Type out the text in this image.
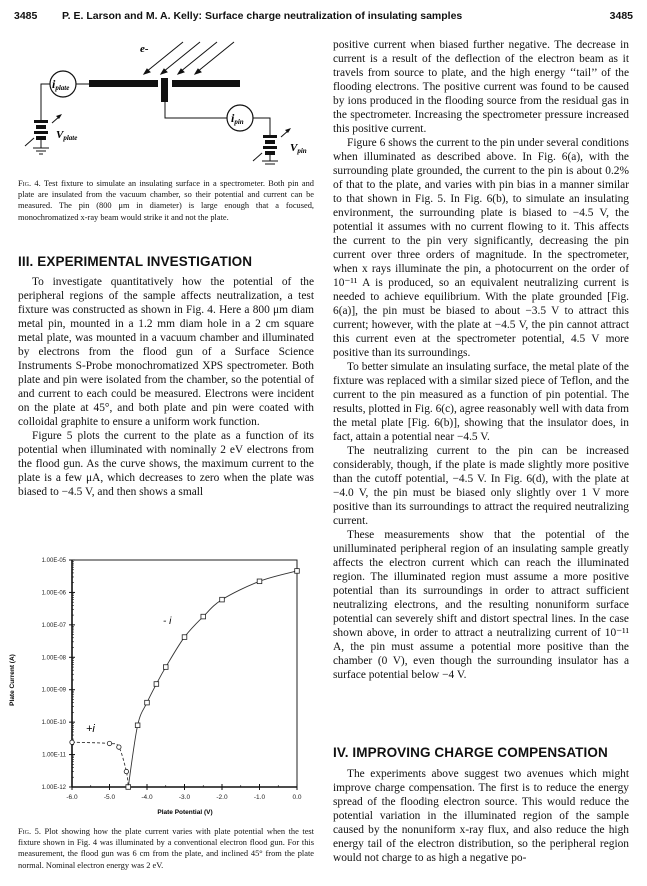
3485 P. E. Larson and M. A. Kelly: Surface charge neutralization of insulating samples	3485
e-
iplate
Vplate
ipin
Vpin

Fig. 4. Test fixture to simulate an insulating surface in a spectrometer. Both pin and plate are insulated from the vacuum chamber, so their potential and current can be measured. The pin (800 μm in diameter) is large enough that a focused, monochromatized x-ray beam would strike it and not the plate.

III. EXPERIMENTAL INVESTIGATION

To investigate quantitatively how the potential of the peripheral regions of the sample affects neutralization, a test fixture was constructed as shown in Fig. 4. Here a 800 μm diam metal pin, mounted in a 1.2 mm diam hole in a 2 cm square metal plate, was mounted in a vacuum chamber and illuminated by electrons from the flood gun of a Surface Science Instruments S-Probe monochromatized XPS spectrometer. Both plate and pin were isolated from the chamber, so the potential of and current to each could be measured. Electrons were incident on the plate at 45°, and both plate and pin were coated with colloidal graphite to ensure a uniform work function.

Figure 5 plots the current to the plate as a function of its potential when illuminated with nominally 2 eV electrons from the flood gun. As the curve shows, the maximum current to the plate is a few μA, which decreases to zero when the plate was biased to −4.5 V, and then shows a small

1.00E-05
1.00E-06
1.00E-07
1.00E-08
1.00E-09
1.00E-10
1.00E-11
1.00E-12
-6.0	-5.0	-4.0	-3.0	-2.0	-1.0	0.0
Plate Potential (V)
Plate Current (A)
- i
+i

Fig. 5. Plot showing how the plate current varies with plate potential when the test fixture shown in Fig. 4 was illuminated by a conventional electron flood gun. For this measurement, the flood gun was 6 cm from the plate, and inclined 45° from the plate normal. Nominal electron energy was 2 eV.

positive current when biased further negative. The decrease in current is a result of the deflection of the electron beam as it travels from source to plate, and the high energy ‘‘tail’’ of the flooding electrons. The positive current was found to be caused by ions produced in the flooding source from the residual gas in the spectrometer. Increasing the spectrometer pressure increased this positive current.

Figure 6 shows the current to the pin under several conditions when illuminated as described above. In Fig. 6(a), with the surrounding plate grounded, the current to the pin is about 0.2% of that to the plate, and varies with pin bias in a manner similar to that shown in Fig. 5. In Fig. 6(b), to simulate an insulating environment, the surrounding plate is biased to −4.5 V, the potential it assumes with no current flowing to it. This affects the current to the pin very significantly, decreasing the pin current over three orders of magnitude. In the spectrometer, when x rays illuminate the pin, a photocurrent on the order of 10⁻¹¹ A is produced, so an equivalent neutralizing current is needed to achieve equilibrium. With the plate grounded [Fig. 6(a)], the pin must be biased to about −3.5 V to attract this current; however, with the plate at −4.5 V, the pin cannot attract this current even at the spectrometer potential, 4.5 V more positive than its surroundings.

To better simulate an insulating surface, the metal plate of the fixture was replaced with a similar sized piece of Teflon, and the current to the pin measured as a function of pin potential. The results, plotted in Fig. 6(c), agree reasonably well with data from the metal plate [Fig. 6(b)], showing that the insulator does, in fact, attain a potential near −4.5 V.

The neutralizing current to the pin can be increased considerably, though, if the plate is made slightly more positive than the cutoff potential, −4.5 V. In Fig. 6(d), with the plate at −4.0 V, the pin must be biased only slightly over 1 V more positive than its surroundings to attract the required neutralizing current.

These measurements show that the potential of the unilluminated peripheral region of an insulating sample greatly affects the electron current which can reach the illuminated region. The illuminated region must assume a more positive potential than its surroundings in order to attract sufficient neutralizing electrons, and the resulting nonuniform surface potential can severely shift and distort spectral lines. In the case shown above, in order to attract a neutralizing current of 10⁻¹¹ A, the pin must assume a potential more positive than the chamber (0 V), even though the surrounding insulator has a surface potential below −4 V.

IV. IMPROVING CHARGE COMPENSATION

The experiments above suggest two avenues which might improve charge compensation. The first is to reduce the energy spread of the flooding electron source. This would reduce the potential variation in the illuminated region of the sample caused by the nonuniform x-ray flux, and also reduce the high energy tail of the electron distribution, so the peripheral region would not charge to as high a negative po-
